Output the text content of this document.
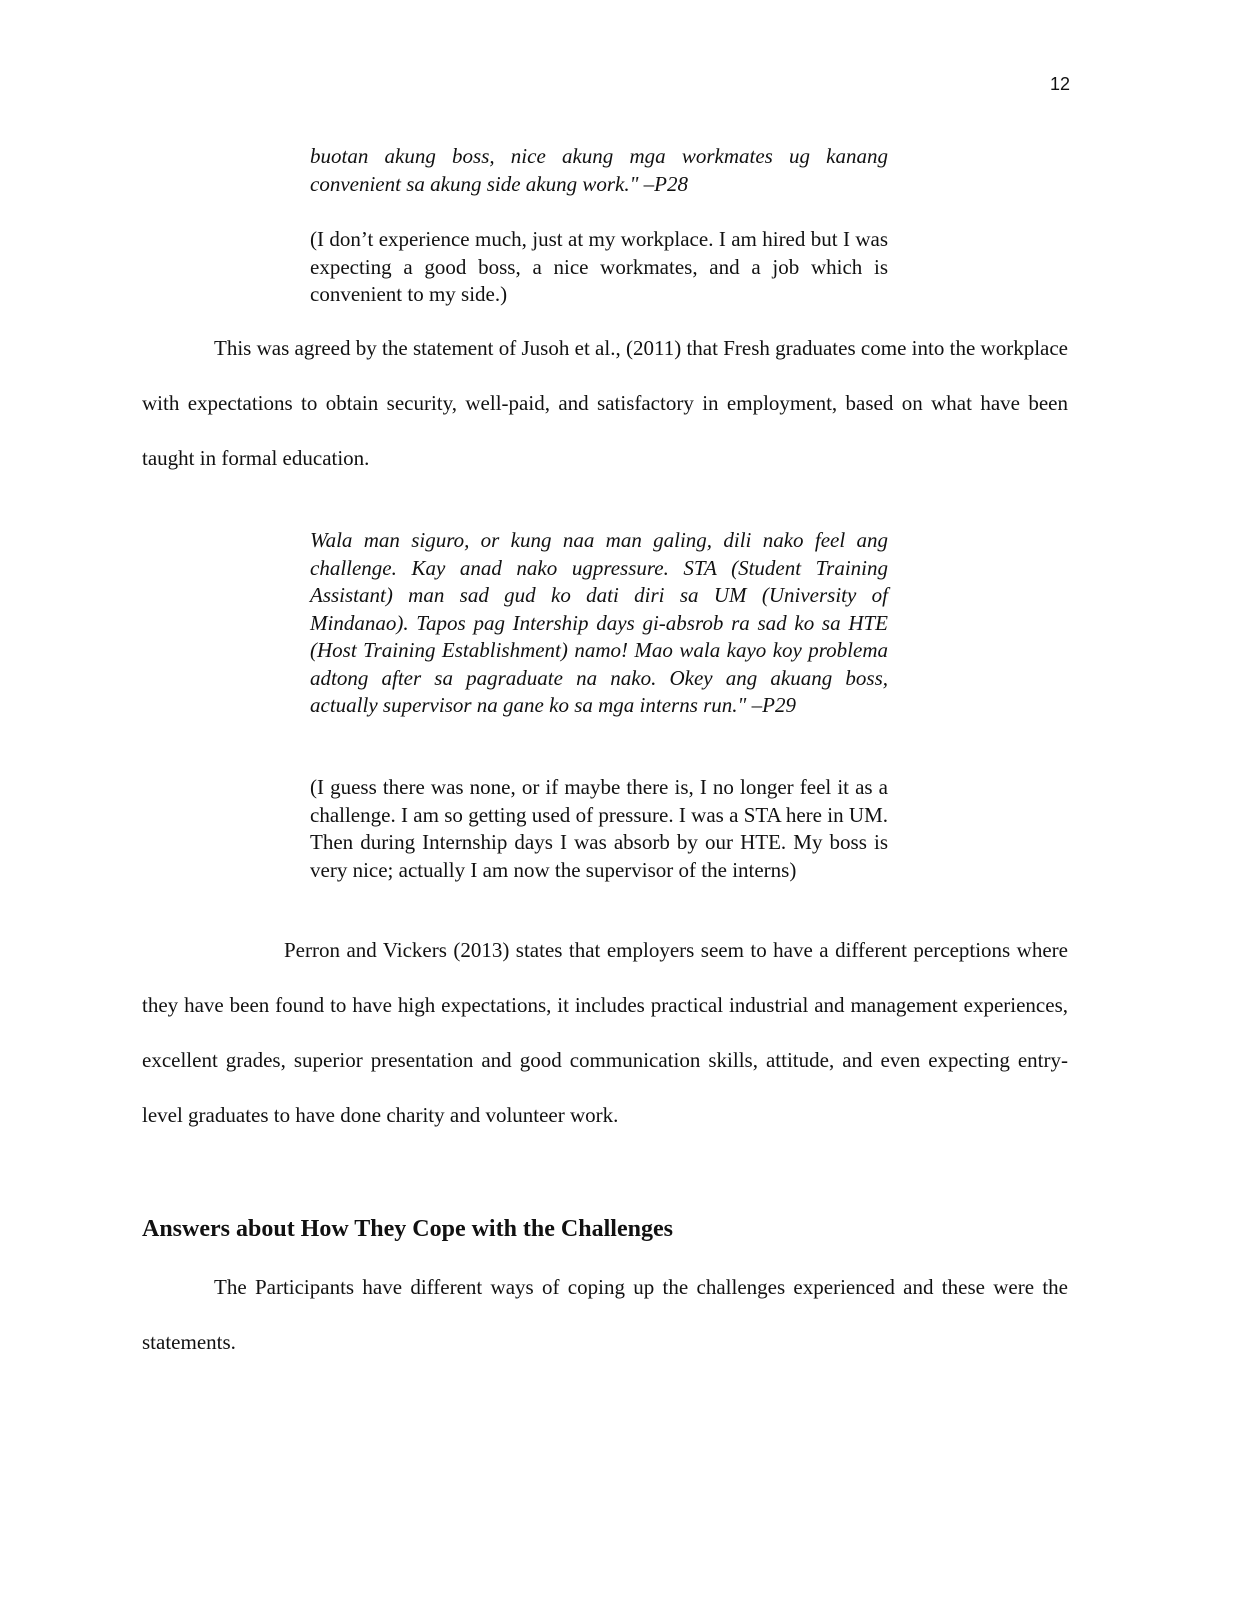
12

buotan akung boss, nice akung mga workmates ug kanang convenient sa akung side akung work." –P28

(I don’t experience much, just at my workplace. I am hired but I was expecting a good boss, a nice workmates, and a job which is convenient to my side.)

This was agreed by the statement of Jusoh et al., (2011) that Fresh graduates come into the workplace with expectations to obtain security, well-paid, and satisfactory in employment, based on what have been taught in formal education.

Wala man siguro, or kung naa man galing, dili nako feel ang challenge. Kay anad nako ugpressure. STA (Student Training Assistant) man sad gud ko dati diri sa UM (University of Mindanao). Tapos pag Intership days gi-absrob ra sad ko sa HTE (Host Training Establishment) namo! Mao wala kayo koy problema adtong after sa pagraduate na nako. Okey ang akuang boss, actually supervisor na gane ko sa mga interns run." –P29

(I guess there was none, or if maybe there is, I no longer feel it as a challenge. I am so getting used of pressure. I was a STA here in UM. Then during Internship days I was absorb by our HTE. My boss is very nice; actually I am now the supervisor of the interns)

Perron and Vickers (2013) states that employers seem to have a different perceptions where they have been found to have high expectations, it includes practical industrial and management experiences, excellent grades, superior presentation and good communication skills, attitude, and even expecting entry-level graduates to have done charity and volunteer work.

Answers about How They Cope with the Challenges

The Participants have different ways of coping up the challenges experienced and these were the statements.
